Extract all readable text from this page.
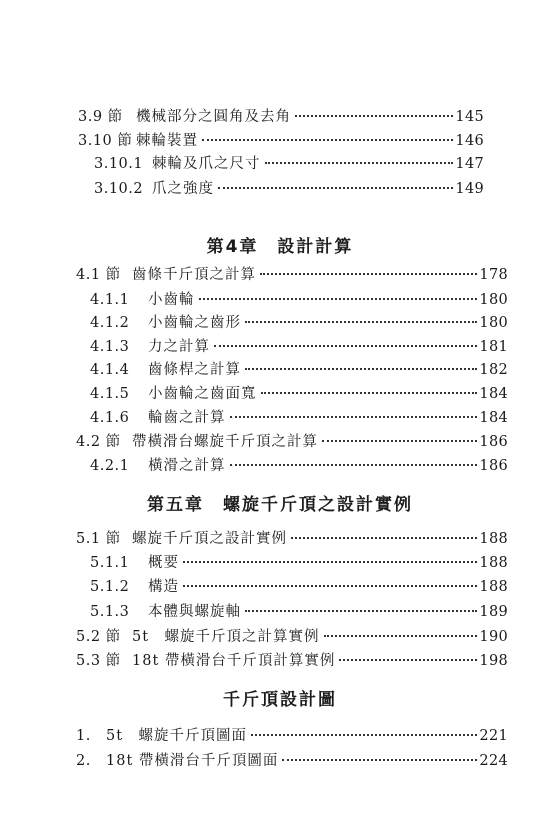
3.9 節 機械部分之圓角及去角	145
3.10 節 棘輪裝置	146
3.10.1 棘輪及爪之尺寸	147
3.10.2 爪之強度	149
第4章　設計計算
4.1 節 齒條千斤頂之計算	178
4.1.1	小齒輪	180
4.1.2	小齒輪之齒形	180
4.1.3	力之計算	181
4.1.4	齒條桿之計算	182
4.1.5	小齒輪之齒面寬	184
4.1.6	輪齒之計算	184
4.2 節 帶橫滑台螺旋千斤頂之計算	186
4.2.1	橫滑之計算	186
第五章　螺旋千斤頂之設計實例
5.1 節 螺旋千斤頂之設計實例	188
5.1.1	概要	188
5.1.2	構造	188
5.1.3	本體與螺旋軸	189
5.2 節 5t　螺旋千斤頂之計算實例	190
5.3 節 18t 帶橫滑台千斤頂計算實例	198
千斤頂設計圖
1.	5t　螺旋千斤頂圖面	221
2.	18t 帶橫滑台千斤頂圖面	224
